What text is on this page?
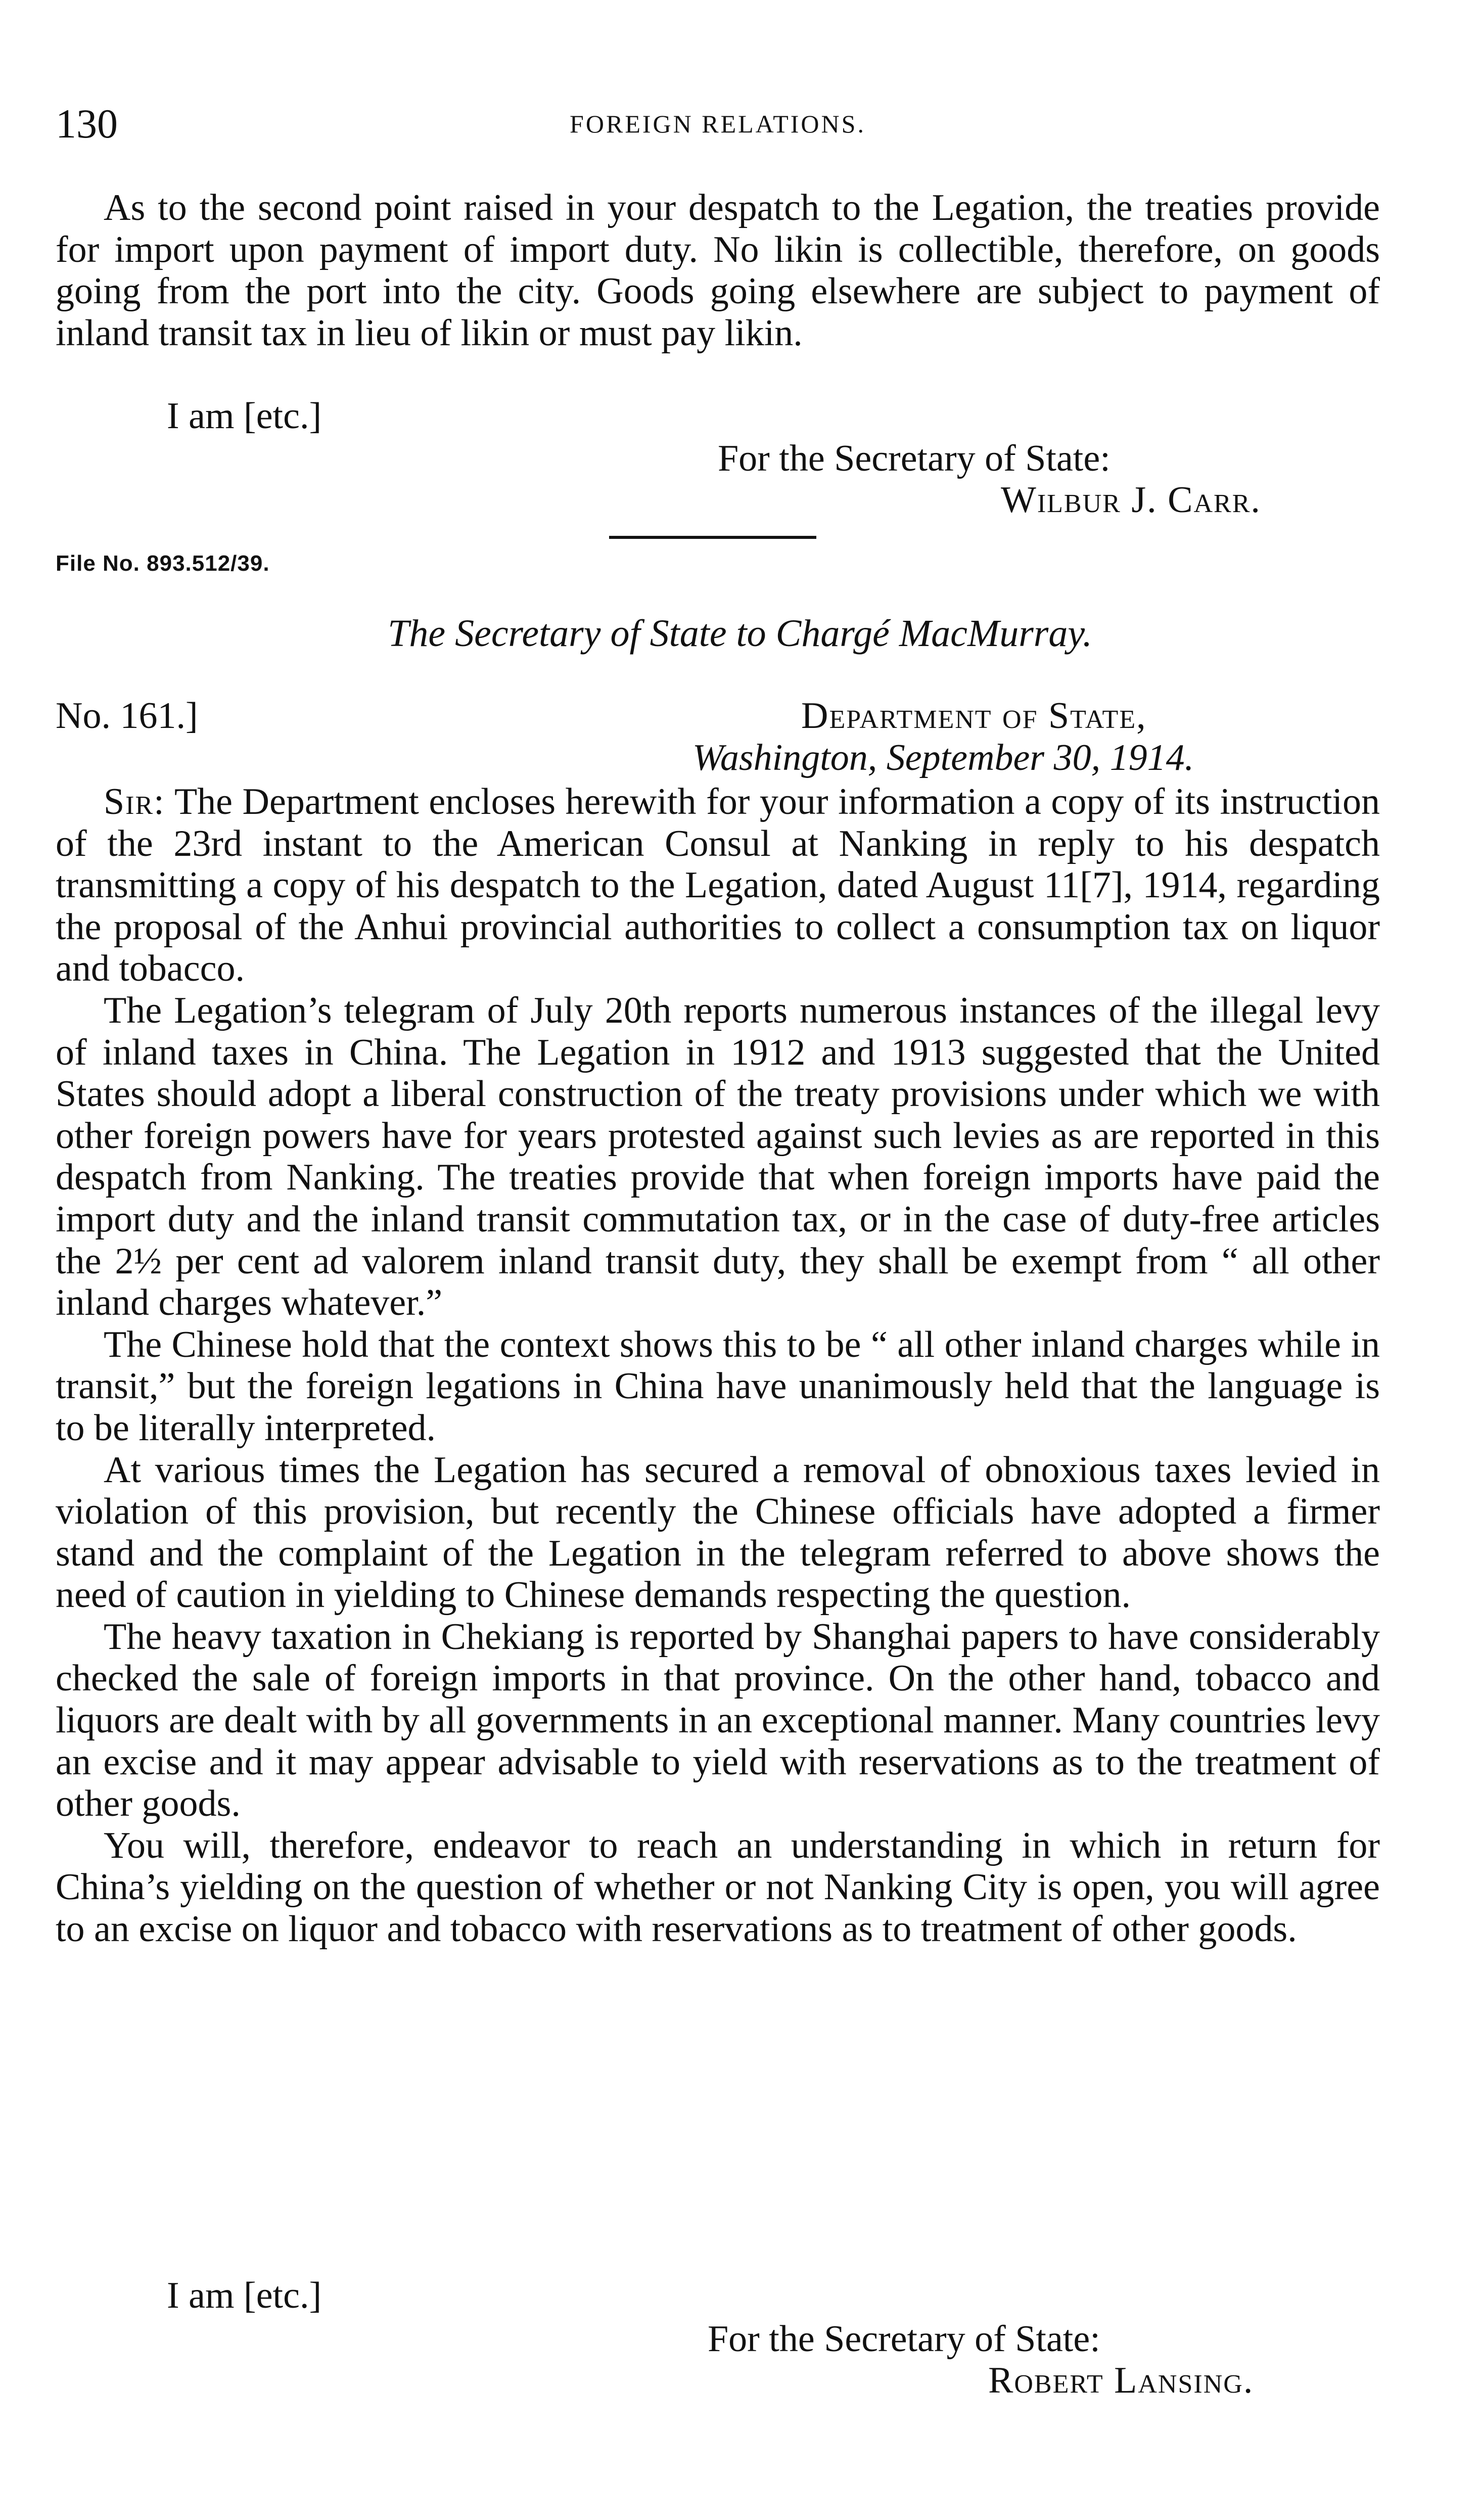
130	FOREIGN RELATIONS.

As to the second point raised in your despatch to the Legation, the treaties provide for import upon payment of import duty. No likin is collectible, therefore, on goods going from the port into the city. Goods going elsewhere are subject to payment of inland transit tax in lieu of likin or must pay likin.

I am [etc.]
For the Secretary of State:
Wilbur J. Carr.
File No. 893.512/39.
The Secretary of State to Chargé MacMurray.
No. 161.]	Department of State,
Washington, September 30, 1914.

Sir: The Department encloses herewith for your information a copy of its instruction of the 23rd instant to the American Consul at Nanking in reply to his despatch transmitting a copy of his despatch to the Legation, dated August 11[7], 1914, regarding the proposal of the Anhui provincial authorities to collect a consumption tax on liquor and tobacco.

The Legation’s telegram of July 20th reports numerous instances of the illegal levy of inland taxes in China. The Legation in 1912 and 1913 suggested that the United States should adopt a liberal construction of the treaty provisions under which we with other foreign powers have for years protested against such levies as are reported in this despatch from Nanking. The treaties provide that when foreign imports have paid the import duty and the inland transit commutation tax, or in the case of duty-free articles the 2½ per cent ad valorem inland transit duty, they shall be exempt from “ all other inland charges whatever.”

The Chinese hold that the context shows this to be “ all other inland charges while in transit,” but the foreign legations in China have unanimously held that the language is to be literally interpreted.

At various times the Legation has secured a removal of obnoxious taxes levied in violation of this provision, but recently the Chinese officials have adopted a firmer stand and the complaint of the Legation in the telegram referred to above shows the need of caution in yielding to Chinese demands respecting the question.

The heavy taxation in Chekiang is reported by Shanghai papers to have considerably checked the sale of foreign imports in that province. On the other hand, tobacco and liquors are dealt with by all governments in an exceptional manner. Many countries levy an excise and it may appear advisable to yield with reservations as to the treatment of other goods.

You will, therefore, endeavor to reach an understanding in which in return for China’s yielding on the question of whether or not Nanking City is open, you will agree to an excise on liquor and tobacco with reservations as to treatment of other goods.

I am [etc.]
For the Secretary of State:
Robert Lansing.
